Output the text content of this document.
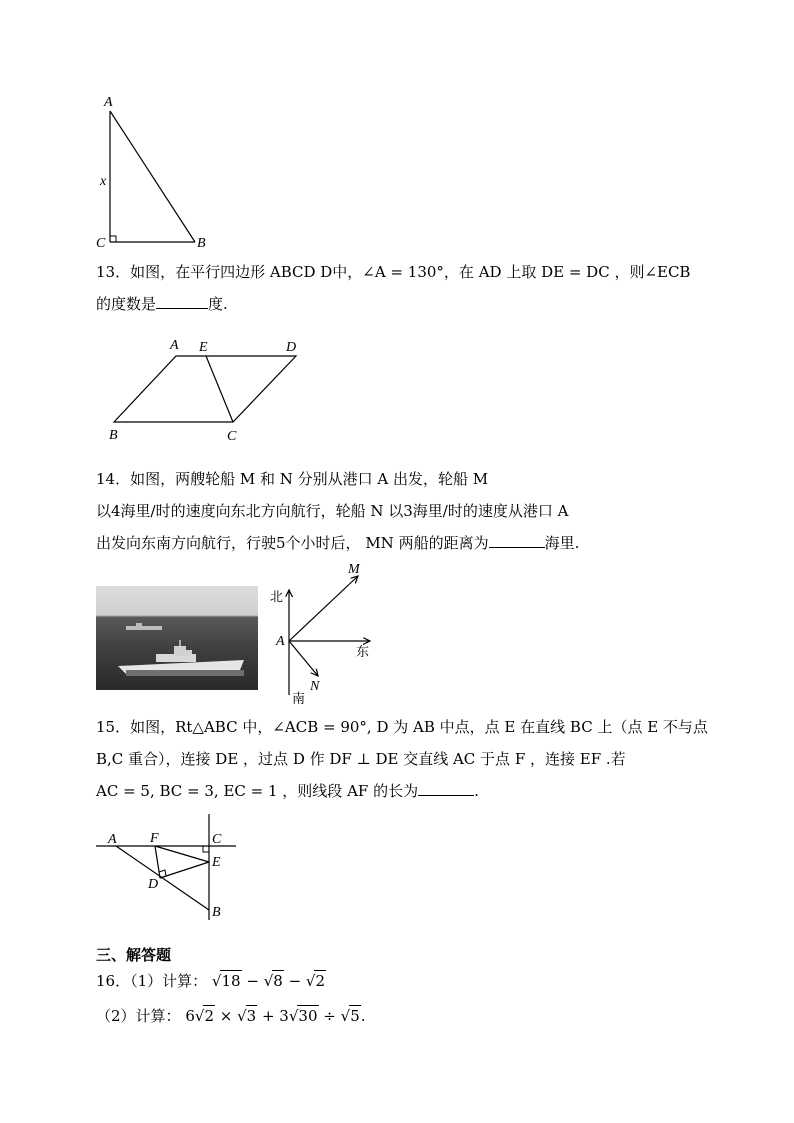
A
x
C	B
13．如图，在平行四边形 ABCD D中，∠A = 130°，在 AD 上取 DE = DC ，则∠ECB
的度数是	度.
A E	D
B	C
14．如图，两艘轮船 M 和 N 分别从港口 A 出发，轮船 M
以4海里/时的速度向东北方向航行，轮船 N 以3海里/时的速度从港口 A
出发向东南方向航行，行驶5个小时后， MN 两船的距离为	海里.
北
M
A
东
N
南
15．如图，Rt△ABC 中，∠ACB = 90°, D 为 AB 中点，点 E 在直线 BC 上（点 E 不与点
B,C 重合），连接 DE ，过点 D 作 DF ⊥ DE 交直线 AC 于点 F ，连接 EF .若
AC = 5, BC = 3, EC = 1 ，则线段 AF 的长为	.
A F	C
E
D
B
三、解答题
16．（1）计算： √18 − √8 − √2
（2）计算： 6√2 × √3 + 3√30 ÷ √5.
